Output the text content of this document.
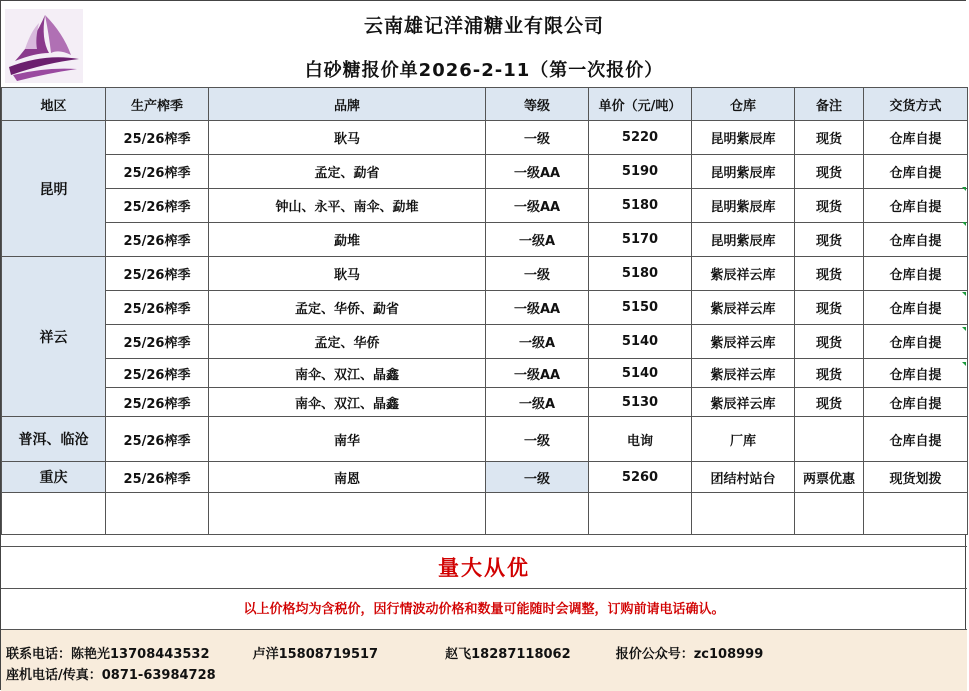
云南雄记洋浦糖业有限公司
白砂糖报价单2026-2-11（第一次报价）
地区	生产榨季	品牌	等级	单价（元/吨）	仓库	备注	交货方式
昆明	25/26榨季	耿马	一级	5220	昆明紫辰库	现货	仓库自提
	25/26榨季	孟定、勐省	一级AA	5190	昆明紫辰库	现货	仓库自提
	25/26榨季	钟山、永平、南伞、勐堆	一级AA	5180	昆明紫辰库	现货	仓库自提
	25/26榨季	勐堆	一级A	5170	昆明紫辰库	现货	仓库自提
祥云	25/26榨季	耿马	一级	5180	紫辰祥云库	现货	仓库自提
	25/26榨季	孟定、华侨、勐省	一级AA	5150	紫辰祥云库	现货	仓库自提
	25/26榨季	孟定、华侨	一级A	5140	紫辰祥云库	现货	仓库自提
	25/26榨季	南伞、双江、晶鑫	一级AA	5140	紫辰祥云库	现货	仓库自提
	25/26榨季	南伞、双江、晶鑫	一级A	5130	紫辰祥云库	现货	仓库自提
普洱、临沧	25/26榨季	南华	一级	电询	厂库		仓库自提
重庆	25/26榨季	南恩	一级	5260	团结村站台	两票优惠	现货划拨

量大从优
以上价格均为含税价，因行情波动价格和数量可能随时会调整，订购前请电话确认。
联系电话：陈艳光13708443532	卢洋15808719517	赵飞18287118062	报价公众号：zc108999
座机电话/传真：0871-63984728
